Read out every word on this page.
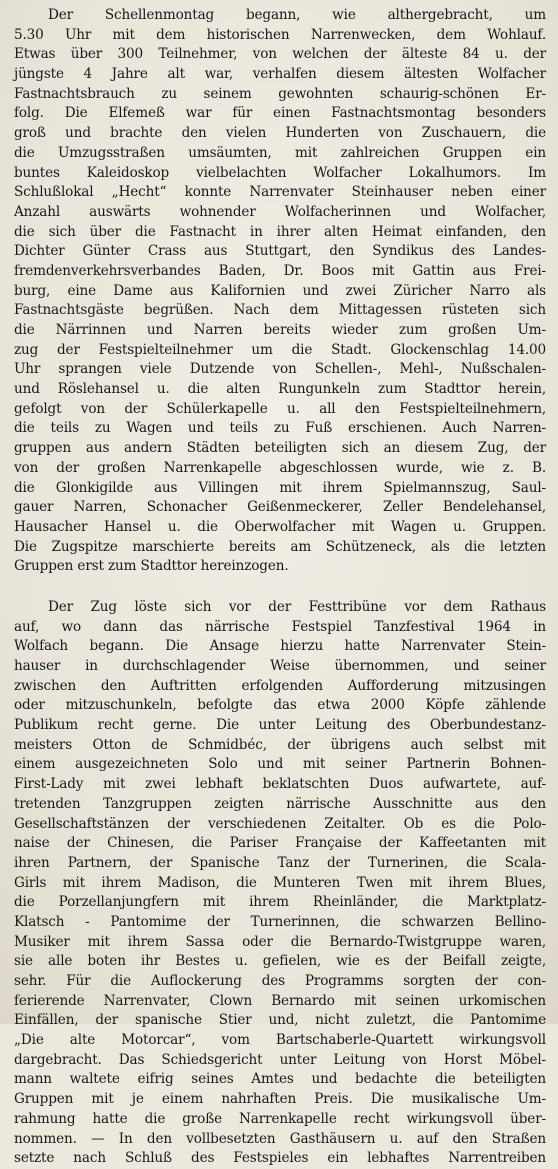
Der Schellenmontag begann, wie althergebracht, um
5.30 Uhr mit dem historischen Narrenwecken, dem Wohlauf.
Etwas über 300 Teilnehmer, von welchen der älteste 84 u. der
jüngste 4 Jahre alt war, verhalfen diesem ältesten Wolfacher
Fastnachtsbrauch zu seinem gewohnten schaurig-schönen Er-
folg. Die Elfemeß war für einen Fastnachtsmontag besonders
groß und brachte den vielen Hunderten von Zuschauern, die
die Umzugsstraßen umsäumten, mit zahlreichen Gruppen ein
buntes Kaleidoskop vielbelachten Wolfacher Lokalhumors. Im
Schlußlokal „Hecht“ konnte Narrenvater Steinhauser neben einer
Anzahl auswärts wohnender Wolfacherinnen und Wolfacher,
die sich über die Fastnacht in ihrer alten Heimat einfanden, den
Dichter Günter Crass aus Stuttgart, den Syndikus des Landes-
fremdenverkehrsverbandes Baden, Dr. Boos mit Gattin aus Frei-
burg, eine Dame aus Kalifornien und zwei Züricher Narro als
Fastnachtsgäste begrüßen. Nach dem Mittagessen rüsteten sich
die Närrinnen und Narren bereits wieder zum großen Um-
zug der Festspielteilnehmer um die Stadt. Glockenschlag 14.00
Uhr sprangen viele Dutzende von Schellen-, Mehl-, Nußschalen-
und Röslehansel u. die alten Rungunkeln zum Stadttor herein,
gefolgt von der Schülerkapelle u. all den Festspielteilnehmern,
die teils zu Wagen und teils zu Fuß erschienen. Auch Narren-
gruppen aus andern Städten beteiligten sich an diesem Zug, der
von der großen Narrenkapelle abgeschlossen wurde, wie z. B.
die Glonkigilde aus Villingen mit ihrem Spielmannszug, Saul-
gauer Narren, Schonacher Geißenmeckerer, Zeller Bendelehansel,
Hausacher Hansel u. die Oberwolfacher mit Wagen u. Gruppen.
Die Zugspitze marschierte bereits am Schützeneck, als die letzten
Gruppen erst zum Stadttor hereinzogen.
Der Zug löste sich vor der Festtribüne vor dem Rathaus
auf, wo dann das närrische Festspiel Tanzfestival 1964 in
Wolfach begann. Die Ansage hierzu hatte Narrenvater Stein-
hauser in durchschlagender Weise übernommen, und seiner
zwischen den Auftritten erfolgenden Aufforderung mitzusingen
oder mitzuschunkeln, befolgte das etwa 2000 Köpfe zählende
Publikum recht gerne. Die unter Leitung des Oberbundestanz-
meisters Otton de Schmidbéc, der übrigens auch selbst mit
einem ausgezeichneten Solo und mit seiner Partnerin Bohnen-
First-Lady mit zwei lebhaft beklatschten Duos aufwartete, auf-
tretenden Tanzgruppen zeigten närrische Ausschnitte aus den
Gesellschaftstänzen der verschiedenen Zeitalter. Ob es die Polo-
naise der Chinesen, die Pariser Française der Kaffeetanten mit
ihren Partnern, der Spanische Tanz der Turnerinen, die Scala-
Girls mit ihrem Madison, die Munteren Twen mit ihrem Blues,
die Porzellanjungfern mit ihrem Rheinländer, die Marktplatz-
Klatsch - Pantomime der Turnerinnen, die schwarzen Bellino-
Musiker mit ihrem Sassa oder die Bernardo-Twistgruppe waren,
sie alle boten ihr Bestes u. gefielen, wie es der Beifall zeigte,
sehr. Für die Auflockerung des Programms sorgten der con-
ferierende Narrenvater, Clown Bernardo mit seinen urkomischen
Einfällen, der spanische Stier und, nicht zuletzt, die Pantomime
„Die alte Motorcar“, vom Bartschaberle-Quartett wirkungsvoll
dargebracht. Das Schiedsgericht unter Leitung von Horst Möbel-
mann waltete eifrig seines Amtes und bedachte die beteiligten
Gruppen mit je einem nahrhaften Preis. Die musikalische Um-
rahmung hatte die große Narrenkapelle recht wirkungsvoll über-
nommen. — In den vollbesetzten Gasthäusern u. auf den Straßen
setzte nach Schluß des Festspieles ein lebhaftes Narrentreiben
